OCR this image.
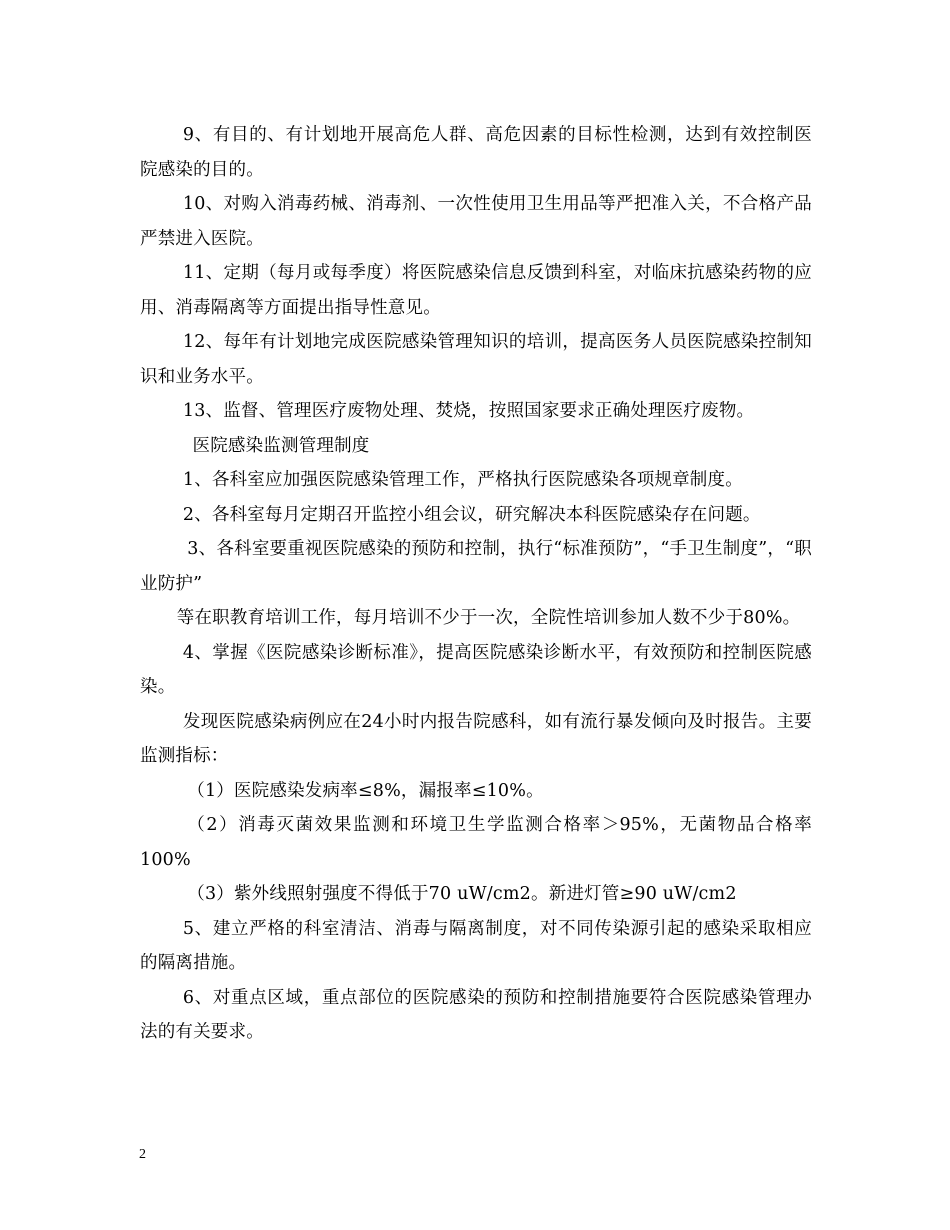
9、有目的、有计划地开展高危人群、高危因素的目标性检测，达到有效控制医院感染的目的。

10、对购入消毒药械、消毒剂、一次性使用卫生用品等严把准入关，不合格产品严禁进入医院。

11、定期（每月或每季度）将医院感染信息反馈到科室，对临床抗感染药物的应用、消毒隔离等方面提出指导性意见。

12、每年有计划地完成医院感染管理知识的培训，提高医务人员医院感染控制知识和业务水平。

13、监督、管理医疗废物处理、焚烧，按照国家要求正确处理医疗废物。

医院感染监测管理制度

1、各科室应加强医院感染管理工作，严格执行医院感染各项规章制度。

2、各科室每月定期召开监控小组会议，研究解决本科医院感染存在问题。

3、各科室要重视医院感染的预防和控制，执行“标准预防”，“手卫生制度”，“职业防护”

等在职教育培训工作，每月培训不少于一次，全院性培训参加人数不少于80%。

4、掌握《医院感染诊断标准》，提高医院感染诊断水平，有效预防和控制医院感染。

发现医院感染病例应在24小时内报告院感科，如有流行暴发倾向及时报告。主要监测指标：

（1）医院感染发病率≤8%，漏报率≤10%。

（2）消毒灭菌效果监测和环境卫生学监测合格率＞95%，无菌物品合格率100%

（3）紫外线照射强度不得低于70 uW/cm2。新进灯管≥90 uW/cm2

5、建立严格的科室清洁、消毒与隔离制度，对不同传染源引起的感染采取相应的隔离措施。

6、对重点区域，重点部位的医院感染的预防和控制措施要符合医院感染管理办法的有关要求。

2
